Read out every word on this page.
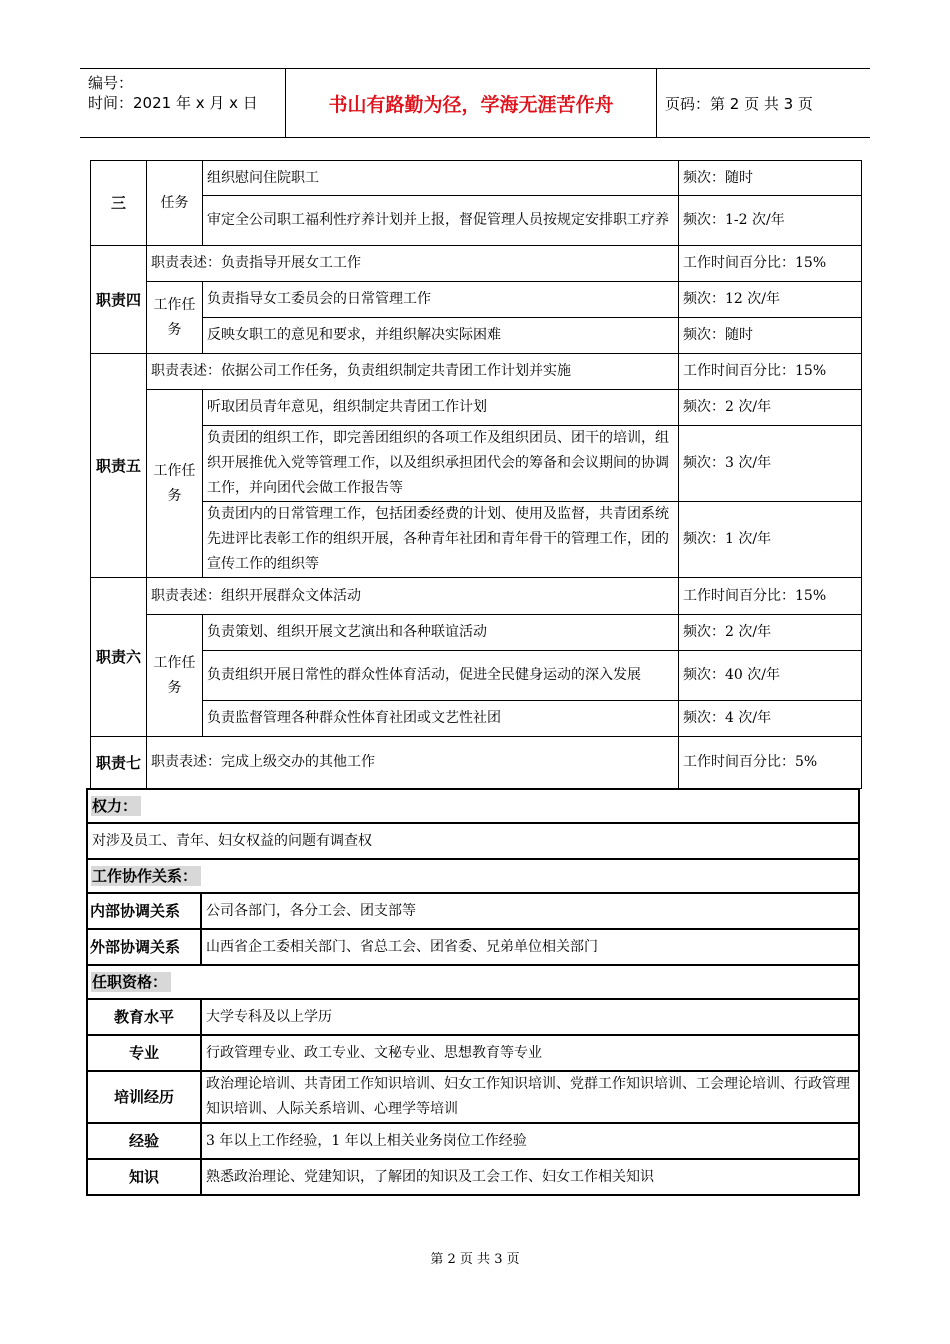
编号：
时间：2021 年 x 月 x 日	书山有路勤为径，学海无涯苦作舟	页码：第 2 页 共 3 页
三	任务	组织慰问住院职工	频次：随时
		审定全公司职工福利性疗养计划并上报，督促管理人员按规定安排职工疗养	频次：1-2 次/年
职责四	职责表述：负责指导开展女工工作		工作时间百分比：15%
	工作任务	负责指导女工委员会的日常管理工作	频次：12 次/年
		反映女职工的意见和要求，并组织解决实际困难	频次：随时
职责五	职责表述：依据公司工作任务，负责组织制定共青团工作计划并实施		工作时间百分比：15%
	工作任务	听取团员青年意见，组织制定共青团工作计划	频次：2 次/年
		负责团的组织工作，即完善团组织的各项工作及组织团员、团干的培训，组织开展推优入党等管理工作，以及组织承担团代会的筹备和会议期间的协调工作，并向团代会做工作报告等	频次：3 次/年
		负责团内的日常管理工作，包括团委经费的计划、使用及监督，共青团系统先进评比表彰工作的组织开展，各种青年社团和青年骨干的管理工作，团的宣传工作的组织等	频次：1 次/年
职责六	职责表述：组织开展群众文体活动		工作时间百分比：15%
	工作任务	负责策划、组织开展文艺演出和各种联谊活动	频次：2 次/年
		负责组织开展日常性的群众性体育活动，促进全民健身运动的深入发展	频次：40 次/年
		负责监督管理各种群众性体育社团或文艺性社团	频次：4 次/年
职责七	职责表述：完成上级交办的其他工作		工作时间百分比：5%
权力：	
对涉及员工、青年、妇女权益的问题有调查权	
工作协作关系：	
内部协调关系	公司各部门，各分工会、团支部等
外部协调关系	山西省企工委相关部门、省总工会、团省委、兄弟单位相关部门
任职资格：	
教育水平	大学专科及以上学历
专业	行政管理专业、政工专业、文秘专业、思想教育等专业
培训经历	政治理论培训、共青团工作知识培训、妇女工作知识培训、党群工作知识培训、工会理论培训、行政管理知识培训、人际关系培训、心理学等培训
经验	3 年以上工作经验，1 年以上相关业务岗位工作经验
知识	熟悉政治理论、党建知识，了解团的知识及工会工作、妇女工作相关知识
第 2 页 共 3 页
